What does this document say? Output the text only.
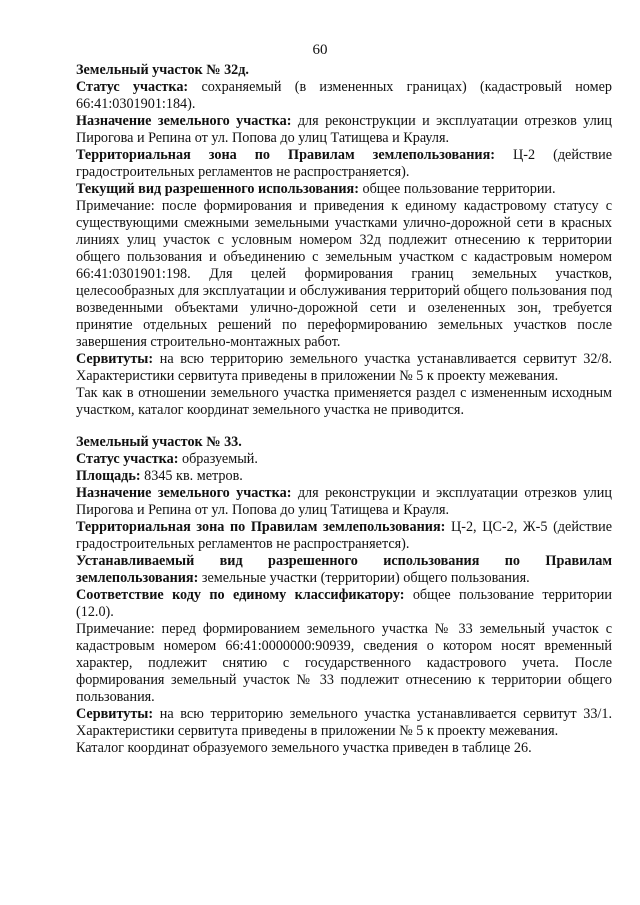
60

Земельный участок № 32д.

Статус участка: сохраняемый (в измененных границах) (кадастровый номер 66:41:0301901:184).

Назначение земельного участка: для реконструкции и эксплуатации отрезков улиц Пирогова и Репина от ул. Попова до улиц Татищева и Крауля.

Территориальная зона по Правилам землепользования: Ц-2 (действие градостроительных регламентов не распространяется).

Текущий вид разрешенного использования: общее пользование территории.

Примечание: после формирования и приведения к единому кадастровому статусу с существующими смежными земельными участками улично-дорожной сети в красных линиях улиц участок с условным номером 32д подлежит отнесению к территории общего пользования и объединению с земельным участком с кадастровым номером 66:41:0301901:198. Для целей формирования границ земельных участков, целесообразных для эксплуатации и обслуживания территорий общего пользования под возведенными объектами улично-дорожной сети и озелененных зон, требуется принятие отдельных решений по переформированию земельных участков после завершения строительно-монтажных работ.

Сервитуты: на всю территорию земельного участка устанавливается сервитут 32/8. Характеристики сервитута приведены в приложении № 5 к проекту межевания.

Так как в отношении земельного участка применяется раздел с измененным исходным участком, каталог координат земельного участка не приводится.

Земельный участок № 33.

Статус участка: образуемый.

Площадь: 8345 кв. метров.

Назначение земельного участка: для реконструкции и эксплуатации отрезков улиц Пирогова и Репина от ул. Попова до улиц Татищева и Крауля.

Территориальная зона по Правилам землепользования: Ц-2, ЦС-2, Ж-5 (действие градостроительных регламентов не распространяется).

Устанавливаемый вид разрешенного использования по Правилам землепользования: земельные участки (территории) общего пользования.

Соответствие коду по единому классификатору: общее пользование территории (12.0).

Примечание: перед формированием земельного участка № 33 земельный участок с кадастровым номером 66:41:0000000:90939, сведения о котором носят временный характер, подлежит снятию с государственного кадастрового учета. После формирования земельный участок № 33 подлежит отнесению к территории общего пользования.

Сервитуты: на всю территорию земельного участка устанавливается сервитут 33/1. Характеристики сервитута приведены в приложении № 5 к проекту межевания.

Каталог координат образуемого земельного участка приведен в таблице 26.
